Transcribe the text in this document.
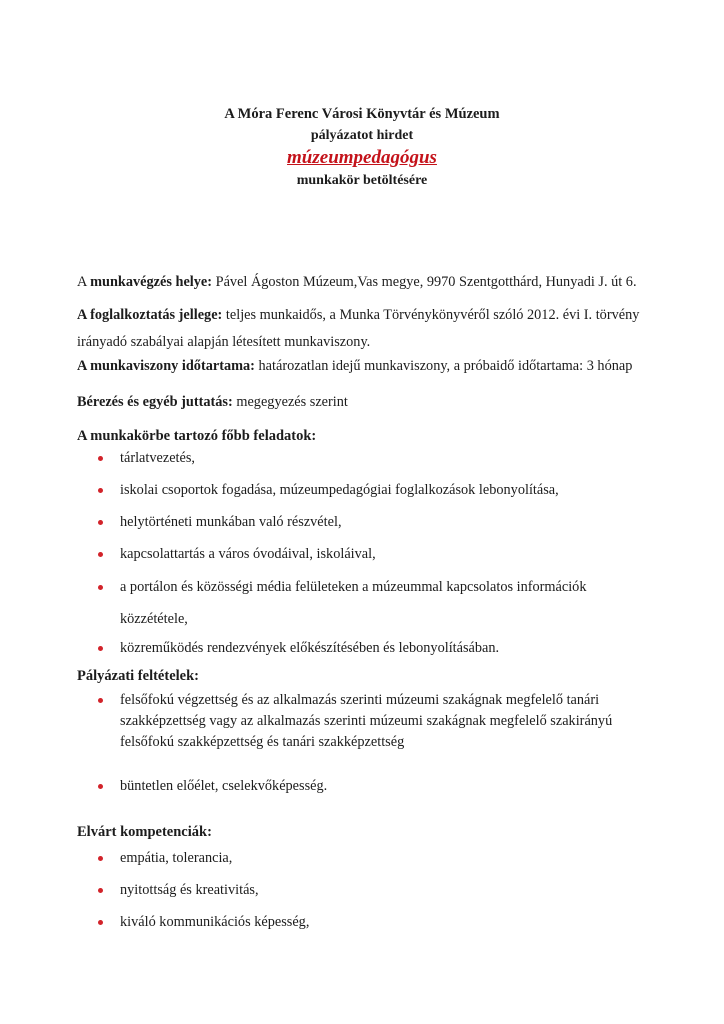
A Móra Ferenc Városi Könyvtár és Múzeum
pályázatot hirdet
múzeumpedagógus
munkakör betöltésére
A munkavégzés helye: Pável Ágoston Múzeum,Vas megye, 9970 Szentgotthárd, Hunyadi J. út 6.
A foglalkoztatás jellege: teljes munkaidős, a Munka Törvénykönyvéről szóló 2012. évi I. törvény
irányadó szabályai alapján létesített munkaviszony.
A munkaviszony időtartama: határozatlan idejű munkaviszony, a próbaidő időtartama: 3 hónap
Bérezés és egyéb juttatás: megegyezés szerint
A munkakörbe tartozó főbb feladatok:
tárlatvezetés,
iskolai csoportok fogadása, múzeumpedagógiai foglalkozások lebonyolítása,
helytörténeti munkában való részvétel,
kapcsolattartás a város óvodáival, iskoláival,
a portálon és közösségi média felületeken a múzeummal kapcsolatos információk
közzététele,
közreműködés rendezvények előkészítésében és lebonyolításában.
Pályázati feltételek:
felsőfokú végzettség és az alkalmazás szerinti múzeumi szakágnak megfelelő tanári
szakképzettség vagy az alkalmazás szerinti múzeumi szakágnak megfelelő szakirányú
felsőfokú szakképzettség és tanári szakképzettség
büntetlen előélet, cselekvőképesség.
Elvárt kompetenciák:
empátia, tolerancia,
nyitottság és kreativitás,
kiváló kommunikációs képesség,
